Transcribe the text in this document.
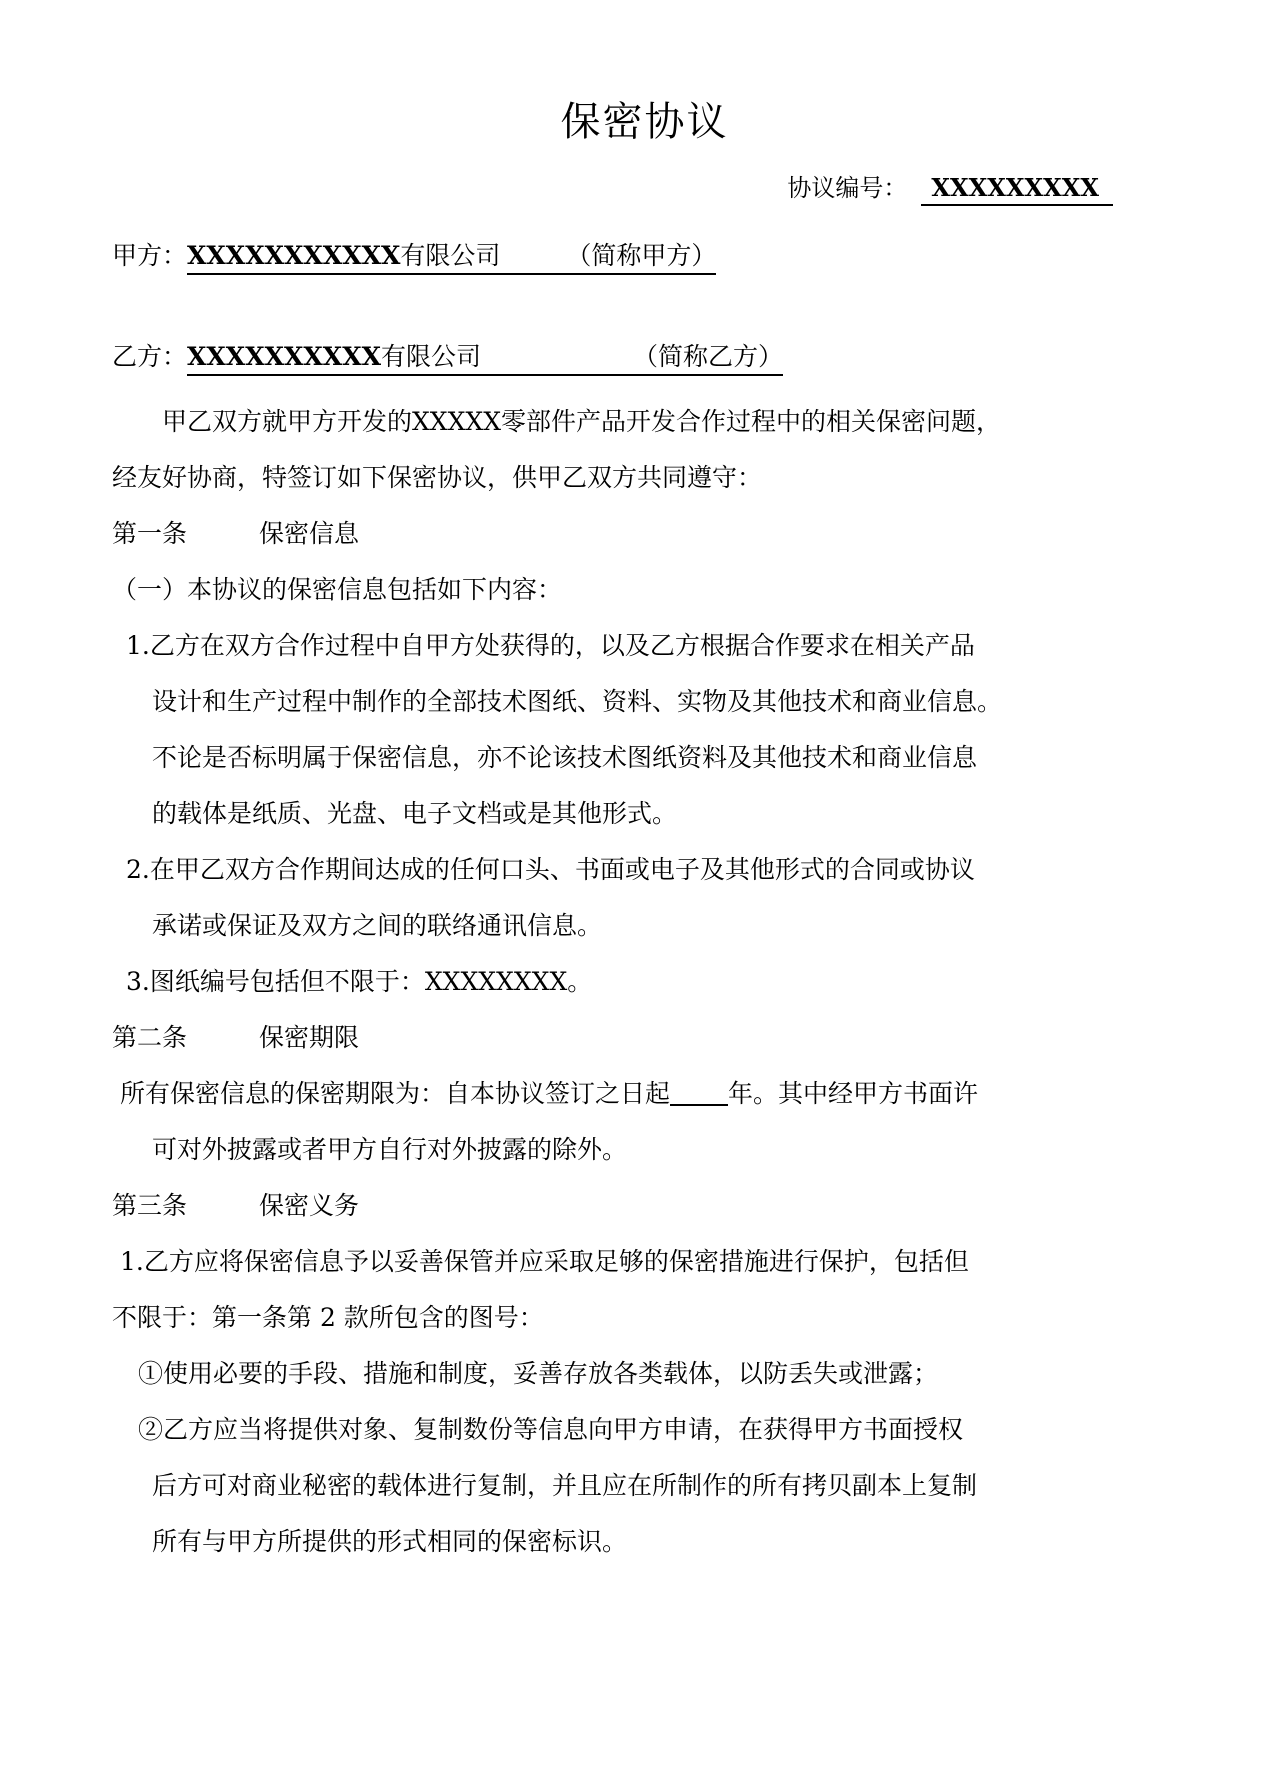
保密协议
协议编号： XXXXXXXXX
甲方：XXXXXXXXXXX有限公司	（简称甲方）
乙方：XXXXXXXXXX有限公司	（简称乙方）

甲乙双方就甲方开发的XXXXX零部件产品开发合作过程中的相关保密问题，

经友好协商，特签订如下保密协议，供甲乙双方共同遵守：

第一条	保密信息

（一）本协议的保密信息包括如下内容：

1.乙方在双方合作过程中自甲方处获得的，以及乙方根据合作要求在相关产品

设计和生产过程中制作的全部技术图纸、资料、实物及其他技术和商业信息。

不论是否标明属于保密信息，亦不论该技术图纸资料及其他技术和商业信息

的载体是纸质、光盘、电子文档或是其他形式。

2.在甲乙双方合作期间达成的任何口头、书面或电子及其他形式的合同或协议

承诺或保证及双方之间的联络通讯信息。

3.图纸编号包括但不限于：XXXXXXXX。

第二条	保密期限

所有保密信息的保密期限为：自本协议签订之日起 年。其中经甲方书面许

可对外披露或者甲方自行对外披露的除外。

第三条	保密义务

1.乙方应将保密信息予以妥善保管并应采取足够的保密措施进行保护，包括但

不限于：第一条第 2 款所包含的图号：

①使用必要的手段、措施和制度，妥善存放各类载体，以防丢失或泄露；

②乙方应当将提供对象、复制数份等信息向甲方申请，在获得甲方书面授权

后方可对商业秘密的载体进行复制，并且应在所制作的所有拷贝副本上复制

所有与甲方所提供的形式相同的保密标识。
